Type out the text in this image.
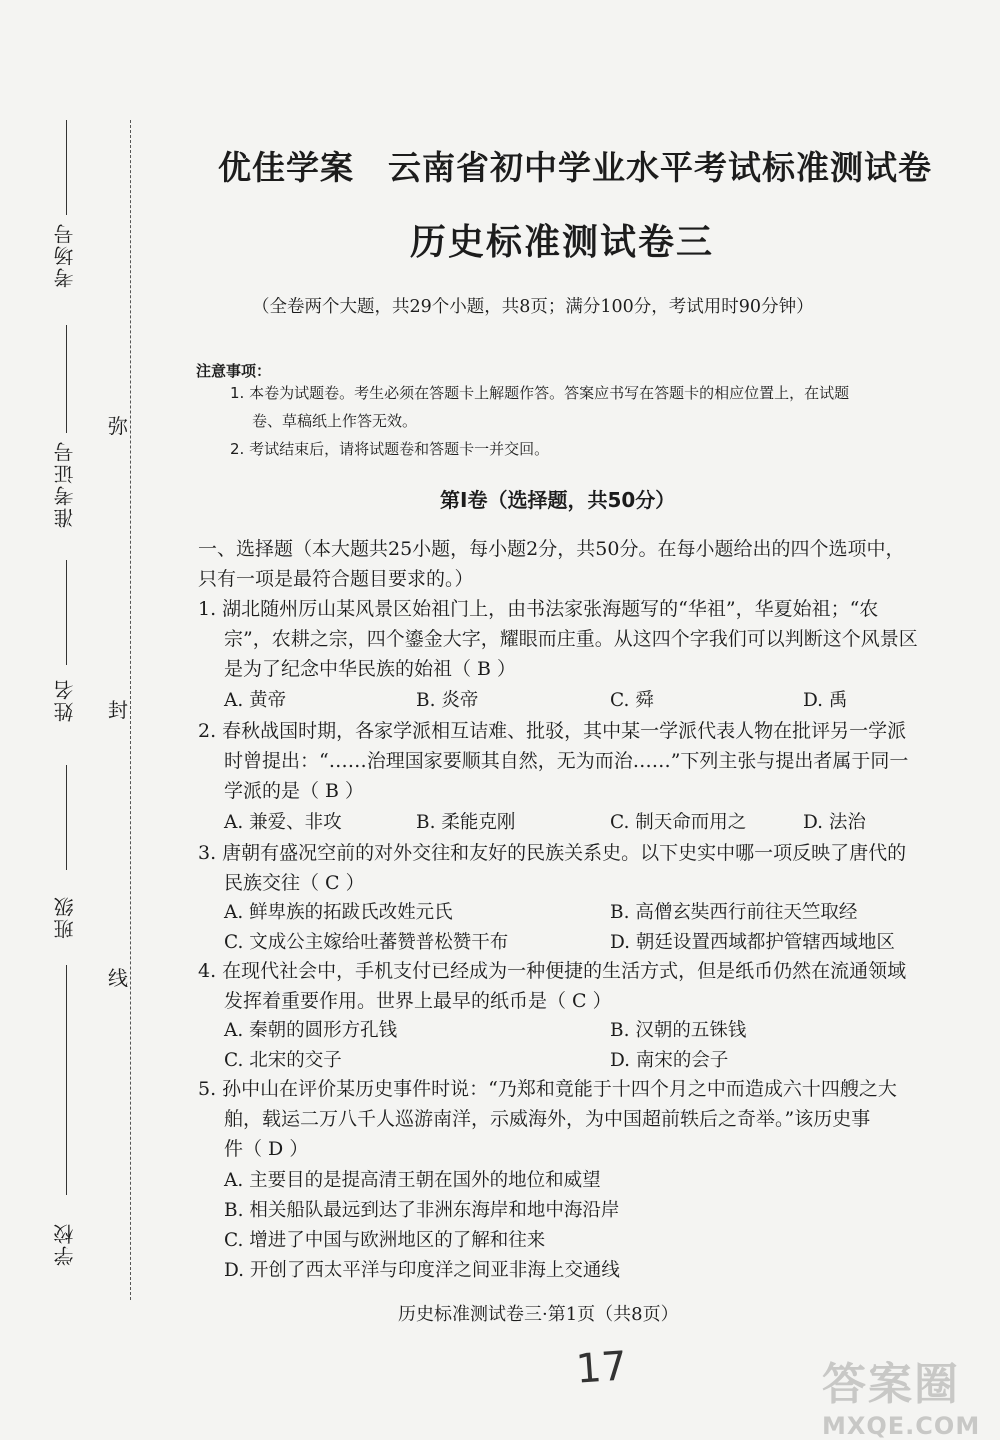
考场号
准考证号
姓名
班级
学校
弥
封
线
优佳学案　云南省初中学业水平考试标准测试卷
历史标准测试卷三
（全卷两个大题，共29个小题，共8页；满分100分，考试用时90分钟）
注意事项：
1. 本卷为试题卷。考生必须在答题卡上解题作答。答案应书写在答题卡的相应位置上，在试题
卷、草稿纸上作答无效。
2. 考试结束后，请将试题卷和答题卡一并交回。
第Ⅰ卷（选择题，共50分）
一、选择题（本大题共25小题，每小题2分，共50分。在每小题给出的四个选项中，
只有一项是最符合题目要求的。）
1. 湖北随州厉山某风景区始祖门上，由书法家张海题写的“华祖”，华夏始祖；“农
宗”，农耕之宗，四个鎏金大字，耀眼而庄重。从这四个字我们可以判断这个风景区
是为了纪念中华民族的始祖（ B ）
A. 黄帝	B. 炎帝	C. 舜	D. 禹
2. 春秋战国时期，各家学派相互诘难、批驳，其中某一学派代表人物在批评另一学派
时曾提出：“……治理国家要顺其自然，无为而治……”下列主张与提出者属于同一
学派的是（ B ）
A. 兼爱、非攻	B. 柔能克刚	C. 制天命而用之	D. 法治
3. 唐朝有盛况空前的对外交往和友好的民族关系史。以下史实中哪一项反映了唐代的
民族交往（ C ）
A. 鲜卑族的拓跋氏改姓元氏	B. 高僧玄奘西行前往天竺取经
C. 文成公主嫁给吐蕃赞普松赞干布	D. 朝廷设置西域都护管辖西域地区
4. 在现代社会中，手机支付已经成为一种便捷的生活方式，但是纸币仍然在流通领域
发挥着重要作用。世界上最早的纸币是（ C ）
A. 秦朝的圆形方孔钱	B. 汉朝的五铢钱
C. 北宋的交子	D. 南宋的会子
5. 孙中山在评价某历史事件时说：“乃郑和竟能于十四个月之中而造成六十四艘之大
舶，载运二万八千人巡游南洋，示威海外，为中国超前轶后之奇举。”该历史事
件（ D ）
A. 主要目的是提高清王朝在国外的地位和威望
B. 相关船队最远到达了非洲东海岸和地中海沿岸
C. 增进了中国与欧洲地区的了解和往来
D. 开创了西太平洋与印度洋之间亚非海上交通线
历史标准测试卷三·第1页（共8页）
17	答案圈
MXQE.COM
